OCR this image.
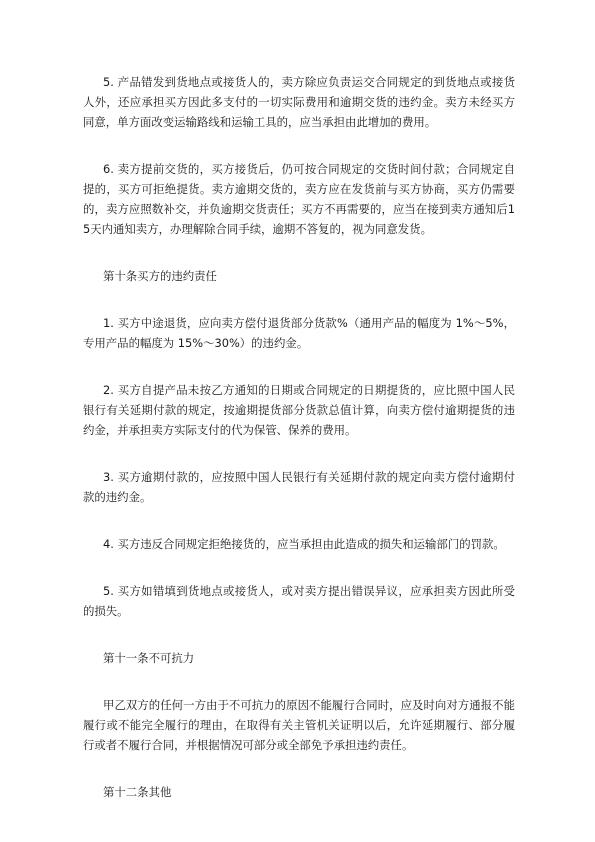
5. 产品错发到货地点或接货人的，卖方除应负责运交合同规定的到货地点或接货人外，还应承担买方因此多支付的一切实际费用和逾期交货的违约金。卖方未经买方同意，单方面改变运输路线和运输工具的，应当承担由此增加的费用。

6. 卖方提前交货的，买方接货后，仍可按合同规定的交货时间付款；合同规定自提的，买方可拒绝提货。卖方逾期交货的，卖方应在发货前与买方协商，买方仍需要的，卖方应照数补交，并负逾期交货责任；买方不再需要的，应当在接到卖方通知后15天内通知卖方，办理解除合同手续，逾期不答复的，视为同意发货。

第十条买方的违约责任

1. 买方中途退货，应向卖方偿付退货部分货款%（通用产品的幅度为 1%～5%，专用产品的幅度为 15%～30%）的违约金。

2. 买方自提产品未按乙方通知的日期或合同规定的日期提货的，应比照中国人民银行有关延期付款的规定，按逾期提货部分货款总值计算，向卖方偿付逾期提货的违约金，并承担卖方实际支付的代为保管、保养的费用。

3. 买方逾期付款的，应按照中国人民银行有关延期付款的规定向卖方偿付逾期付款的违约金。

4. 买方违反合同规定拒绝接货的，应当承担由此造成的损失和运输部门的罚款。

5. 买方如错填到货地点或接货人，或对卖方提出错误异议，应承担卖方因此所受的损失。

第十一条不可抗力

甲乙双方的任何一方由于不可抗力的原因不能履行合同时，应及时向对方通报不能履行或不能完全履行的理由，在取得有关主管机关证明以后，允许延期履行、部分履行或者不履行合同，并根据情况可部分或全部免予承担违约责任。

第十二条其他
